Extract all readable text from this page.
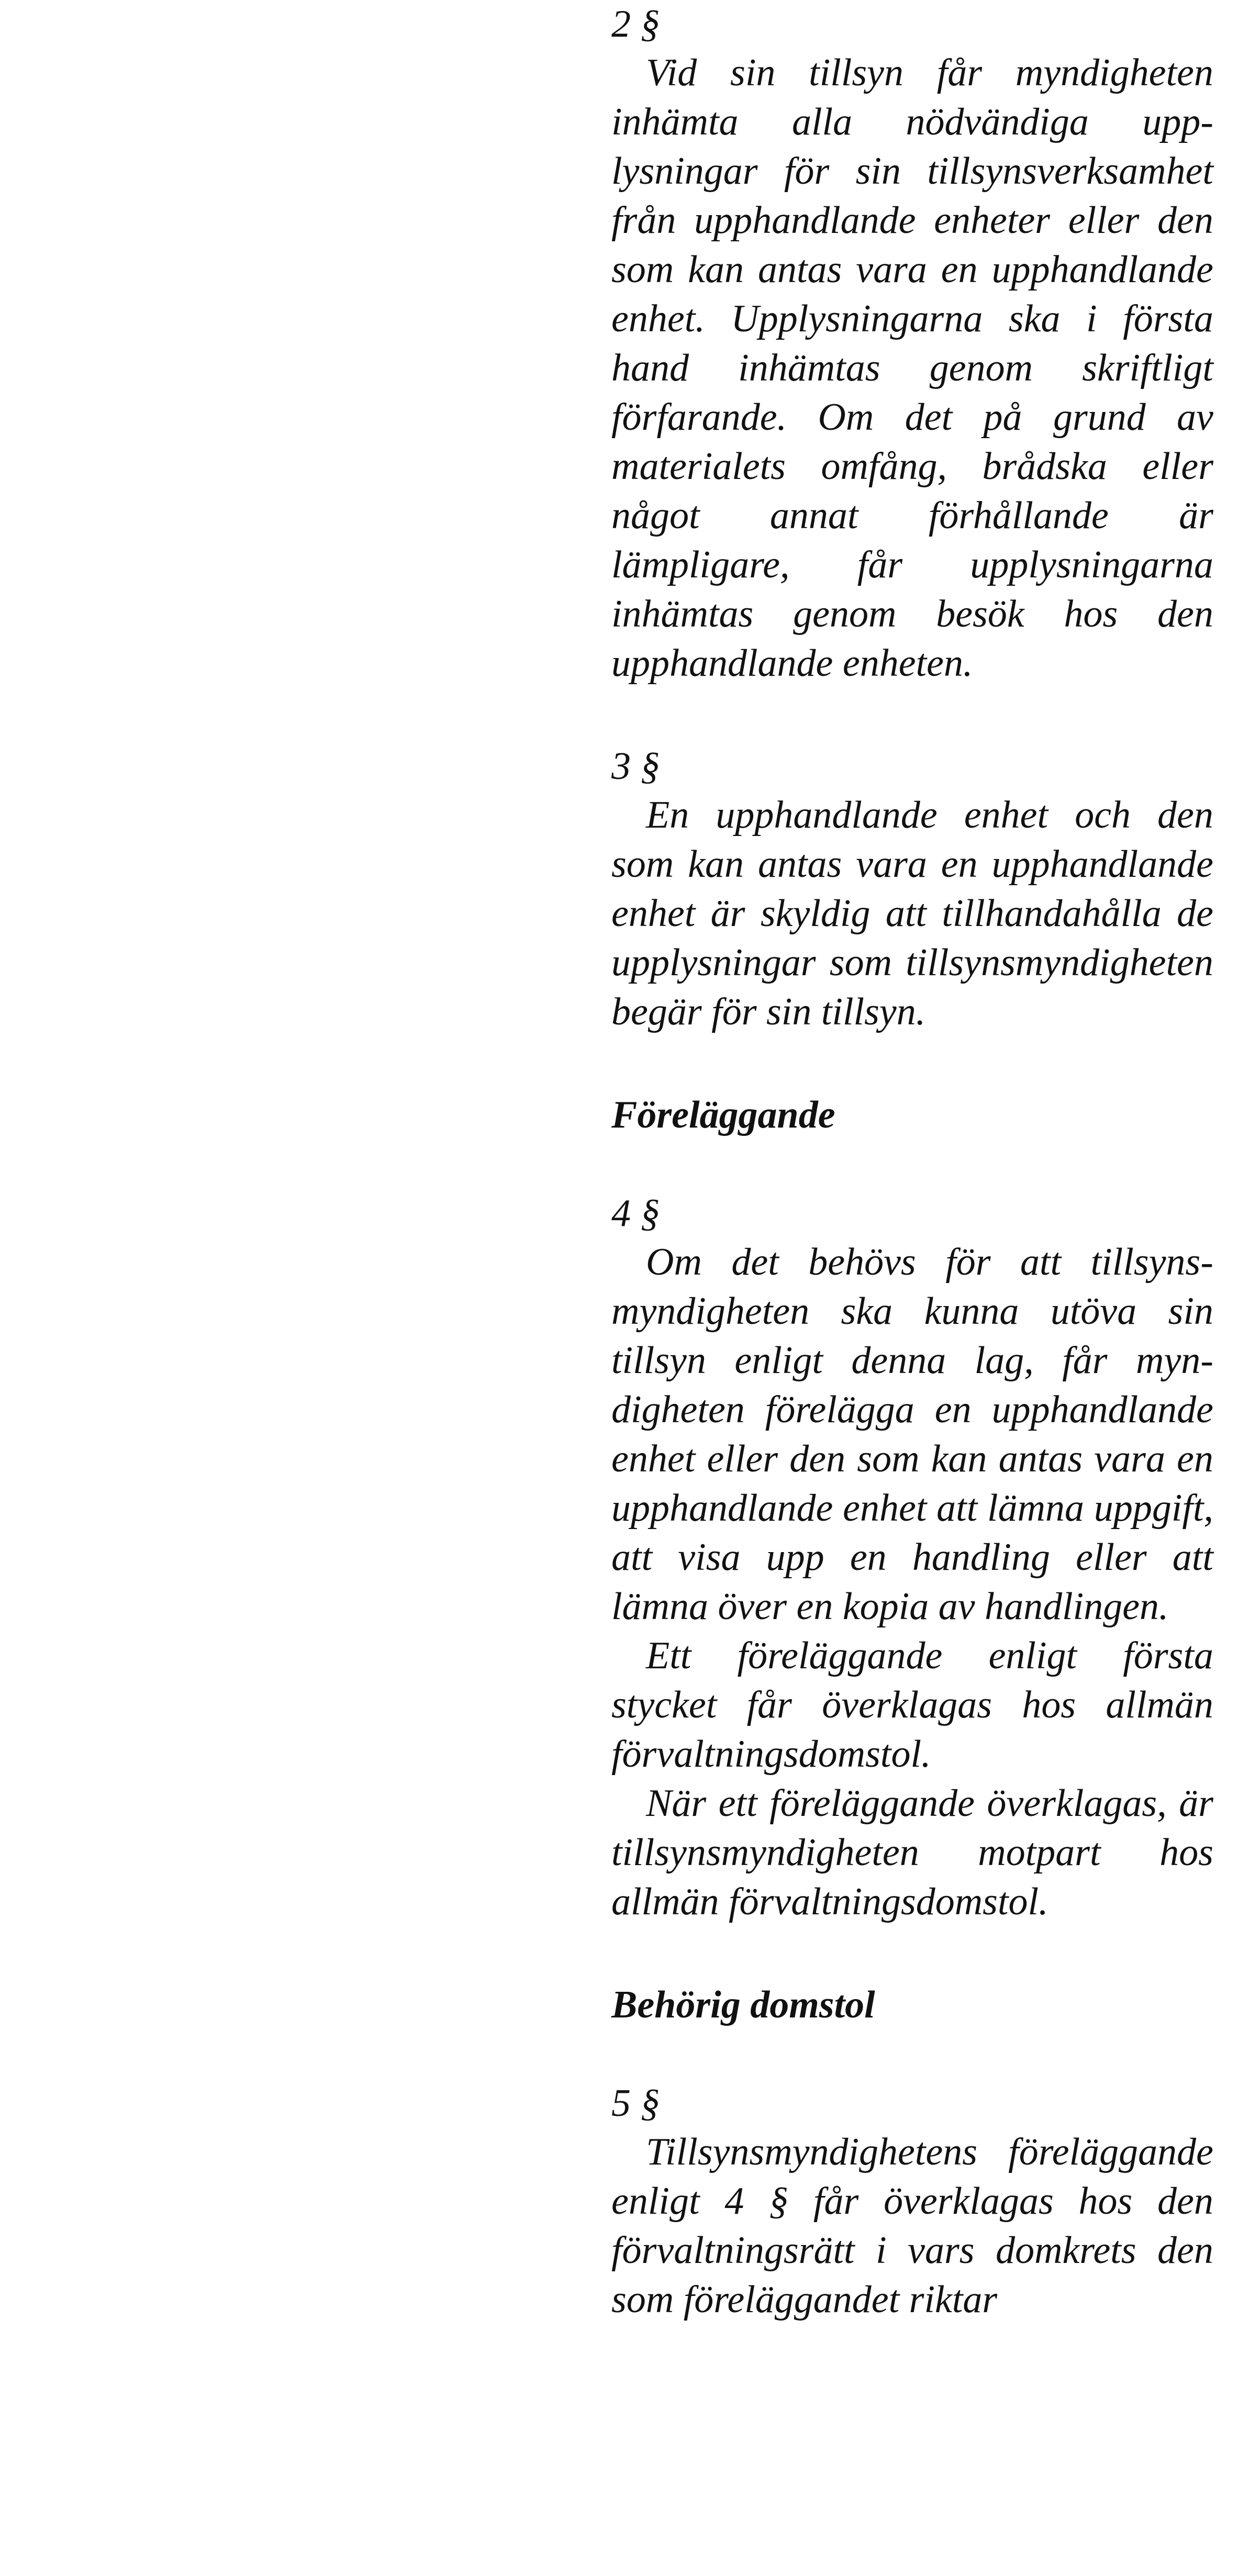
2 §

Vid sin tillsyn får myndigheten inhämta alla nödvändiga upplysningar för sin tillsynsverksamhet från upphandlande enheter eller den som kan antas vara en upphandlande enhet. Upplysningarna ska i första hand inhämtas genom skriftligt förfarande. Om det på grund av materialets omfång, brådska eller något annat förhållande är lämpligare, får upplysningarna inhämtas genom besök hos den upphandlande enheten.

3 §

En upphandlande enhet och den som kan antas vara en upphandlande enhet är skyldig att tillhandahålla de upplysningar som tillsynsmyndigheten begär för sin tillsyn.

Föreläggande

4 §

Om det behövs för att tillsynsmyndigheten ska kunna utöva sin tillsyn enligt denna lag, får myndigheten förelägga en upphandlande enhet eller den som kan antas vara en upphandlande enhet att lämna uppgift, att visa upp en handling eller att lämna över en kopia av handlingen.

Ett föreläggande enligt första stycket får överklagas hos allmän förvaltningsdomstol.

När ett föreläggande överklagas, är tillsynsmyndigheten motpart hos allmän förvaltningsdomstol.

Behörig domstol

5 §

Tillsynsmyndighetens föreläggande enligt 4 § får överklagas hos den förvaltningsrätt i vars domkrets den som föreläggandet riktar
